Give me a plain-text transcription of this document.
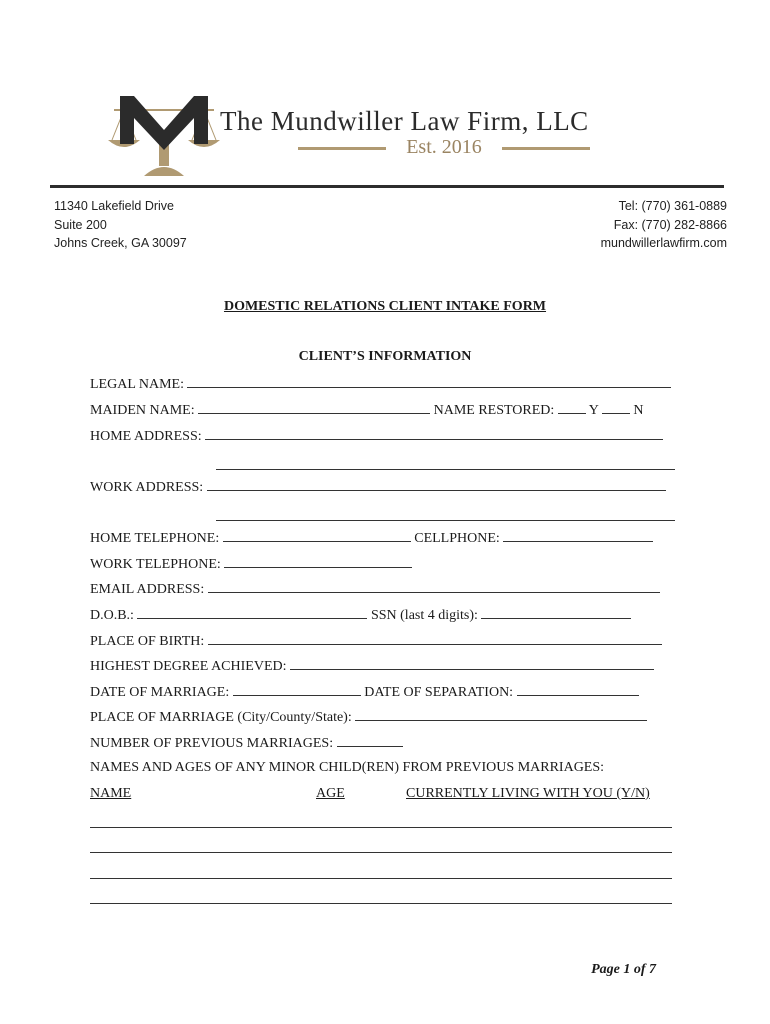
The Mundwiller Law Firm, LLC
Est. 2016
11340 Lakefield Drive
Suite 200
Johns Creek, GA 30097
Tel: (770) 361-0889
Fax: (770) 282-8866
mundwillerlawfirm.com
DOMESTIC RELATIONS CLIENT INTAKE FORM
CLIENT’S INFORMATION
LEGAL NAME:
MAIDEN NAME:	NAME RESTORED: Y	N
HOME ADDRESS:
WORK ADDRESS:
HOME TELEPHONE:	CELLPHONE:
WORK TELEPHONE:
EMAIL ADDRESS:
D.O.B.:	SSN (last 4 digits):
PLACE OF BIRTH:
HIGHEST DEGREE ACHIEVED:
DATE OF MARRIAGE:	DATE OF SEPARATION:
PLACE OF MARRIAGE (City/County/State):
NUMBER OF PREVIOUS MARRIAGES:
NAMES AND AGES OF ANY MINOR CHILD(REN) FROM PREVIOUS MARRIAGES:
NAME	AGE	CURRENTLY LIVING WITH YOU (Y/N)
Page 1 of 7
